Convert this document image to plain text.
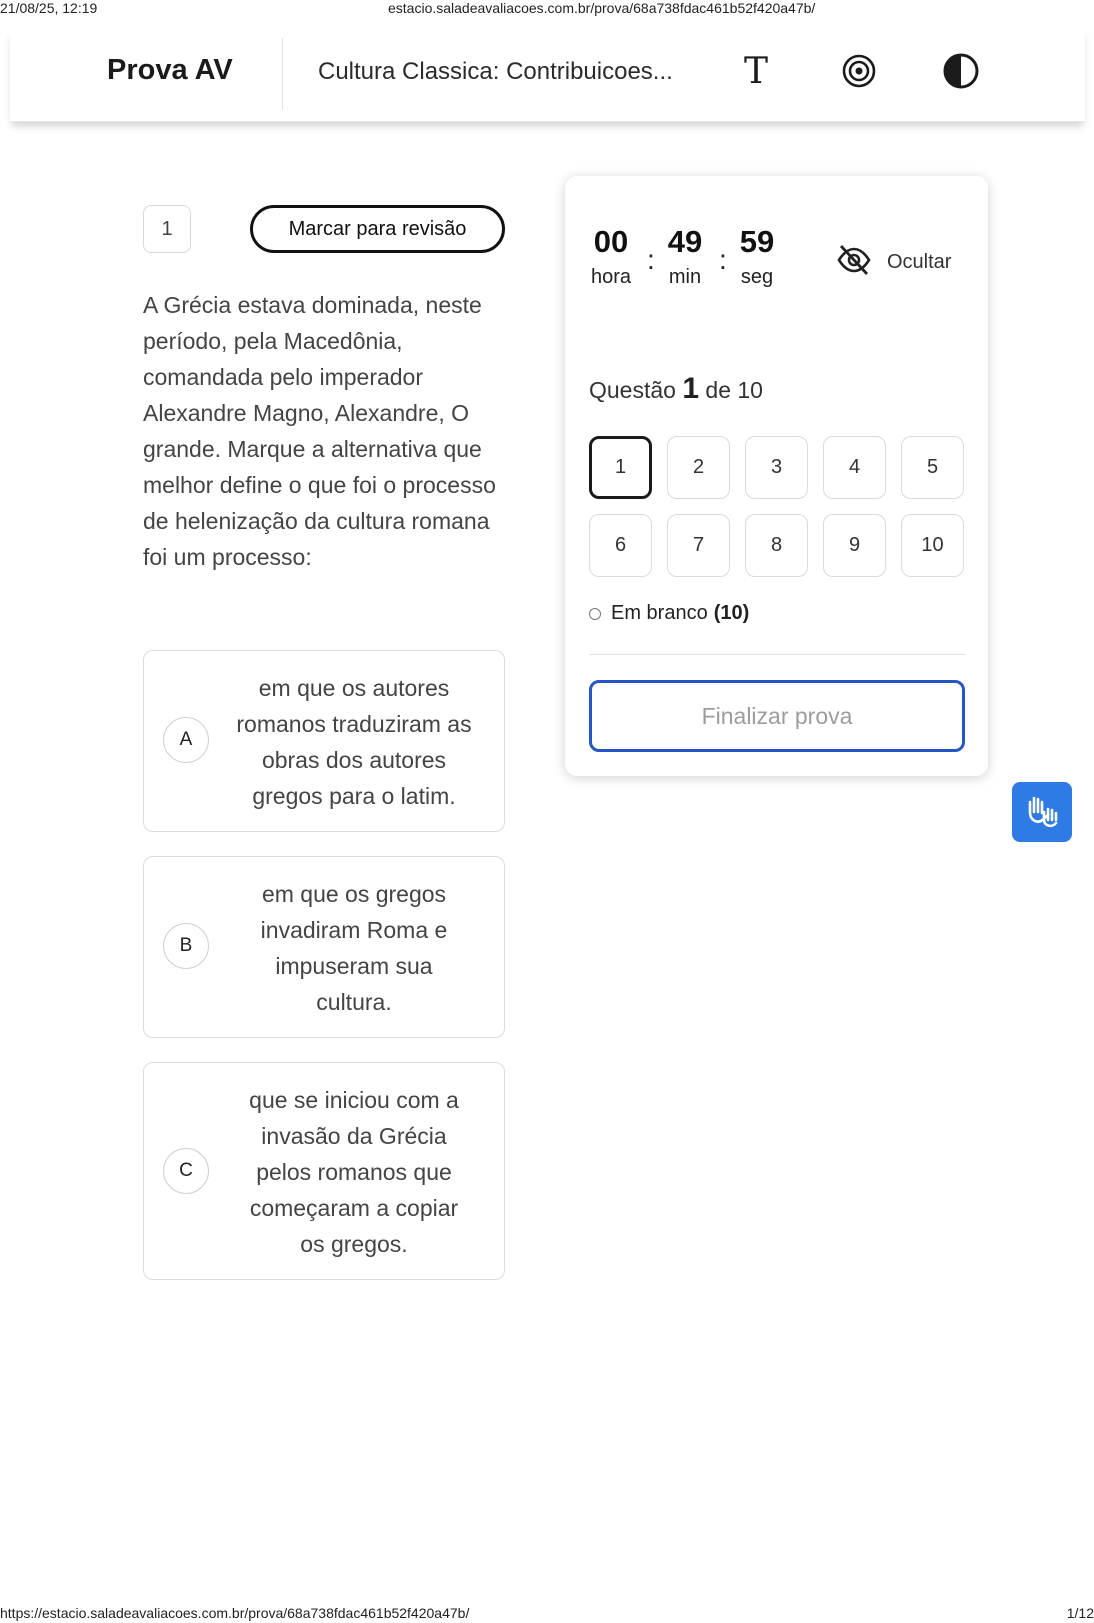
21/08/25, 12:19	estacio.saladeavaliacoes.com.br/prova/68a738fdac461b52f420a47b/
Prova AV	Cultura Classica: Contribuicoes... T
1	Marcar para revisão
A Grécia estava dominada, neste período, pela Macedônia, comandada pelo imperador Alexandre Magno, Alexandre, O grande. Marque a alternativa que melhor define o que foi o processo de helenização da cultura romana foi um processo:
A
em que os autores romanos traduziram as obras dos autores gregos para o latim.
B
em que os gregos invadiram Roma e impuseram sua cultura.
C
que se iniciou com a invasão da Grécia pelos romanos que começaram a copiar os gregos.
00
hora
:
49
min
:
59
seg
Ocultar
Questão 1 de 10
1	2	3	4	5
6	7	8	9	10
Em branco (10)
Finalizar prova
https://estacio.saladeavaliacoes.com.br/prova/68a738fdac461b52f420a47b/	1/12
